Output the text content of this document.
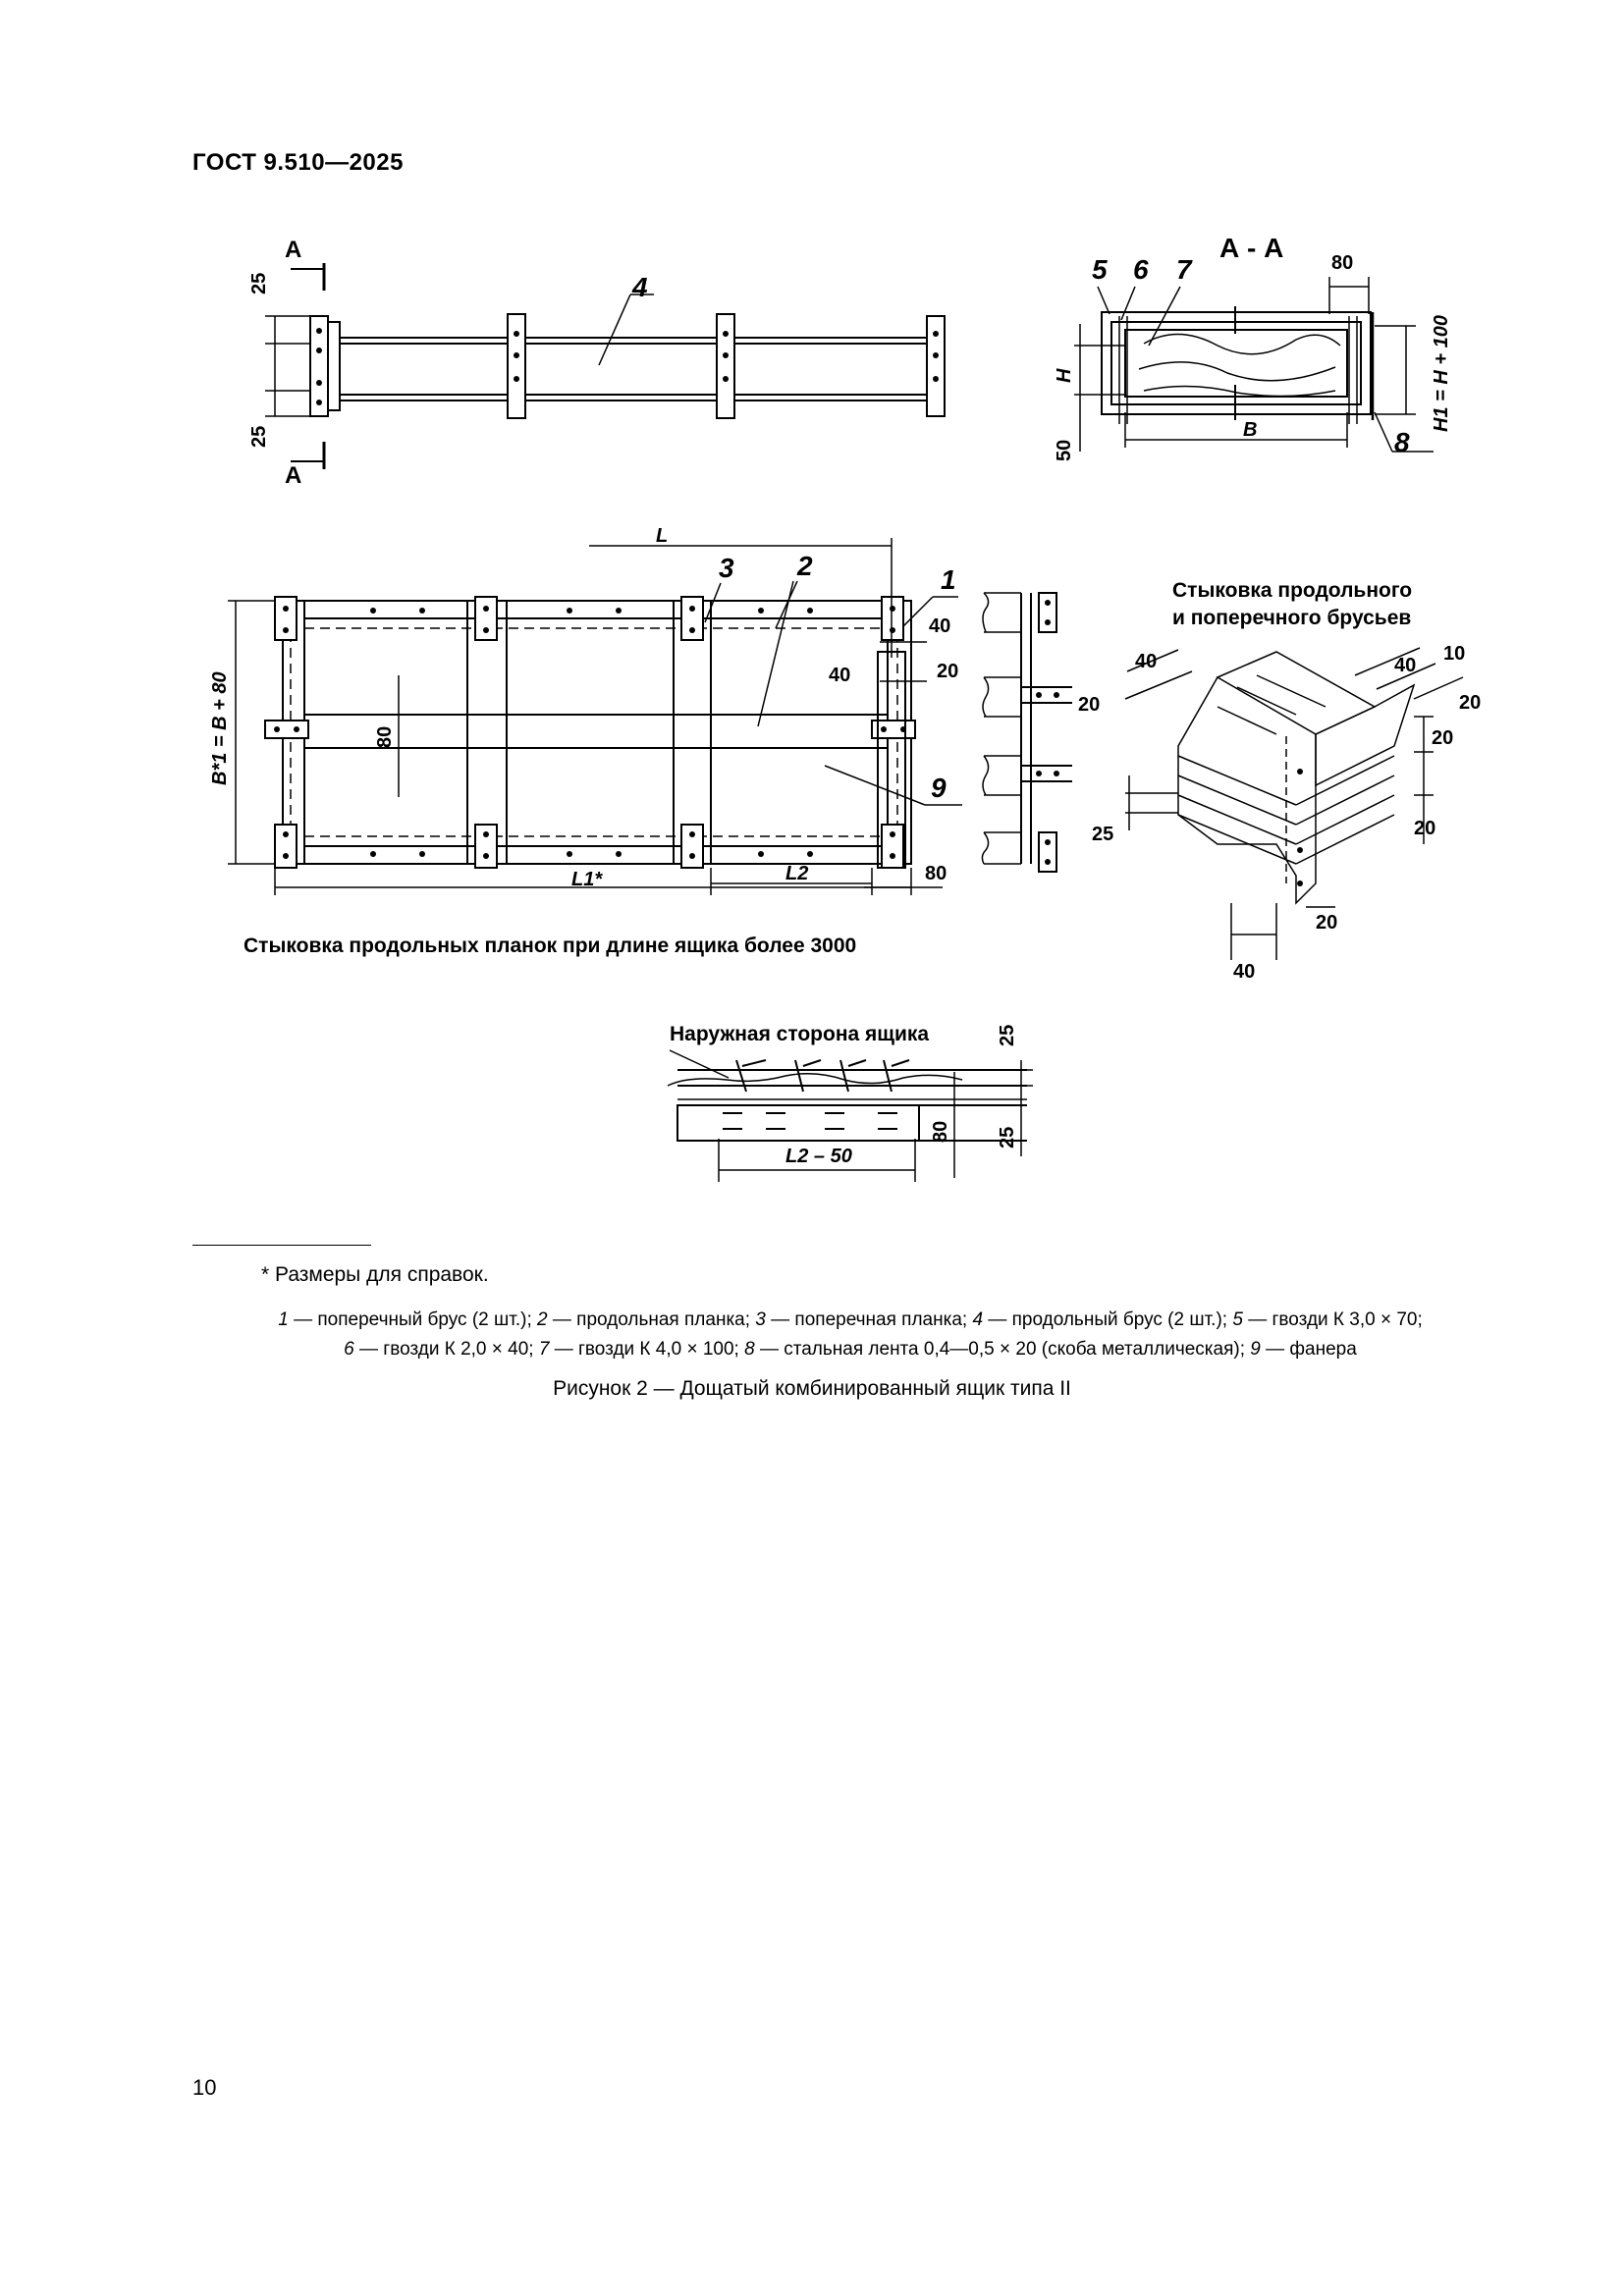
ГОСТ 9.510—2025
А
А
А - А
4
5 6 7
8
1
2
3
9
25
25
80
H
50
B	H1 = H + 100
L
B*1 = B + 80	80
L1*	L2
40
40	20
80
40
20
25
10
40
20
20
20
20
40
25
80 25
L2 – 50
Стыковка продольного
и поперечного брусьев
Стыковка продольных планок при длине ящика более 3000
Наружная сторона ящика
* Размеры для справок.
1 — поперечный брус (2 шт.); 2 — продольная планка; 3 — поперечная планка; 4 — продольный брус (2 шт.); 5 — гвозди К 3,0 × 70;
6 — гвозди К 2,0 × 40; 7 — гвозди К 4,0 × 100; 8 — стальная лента 0,4—0,5 × 20 (скоба металлическая); 9 — фанера
Рисунок 2 — Дощатый комбинированный ящик типа II
10
